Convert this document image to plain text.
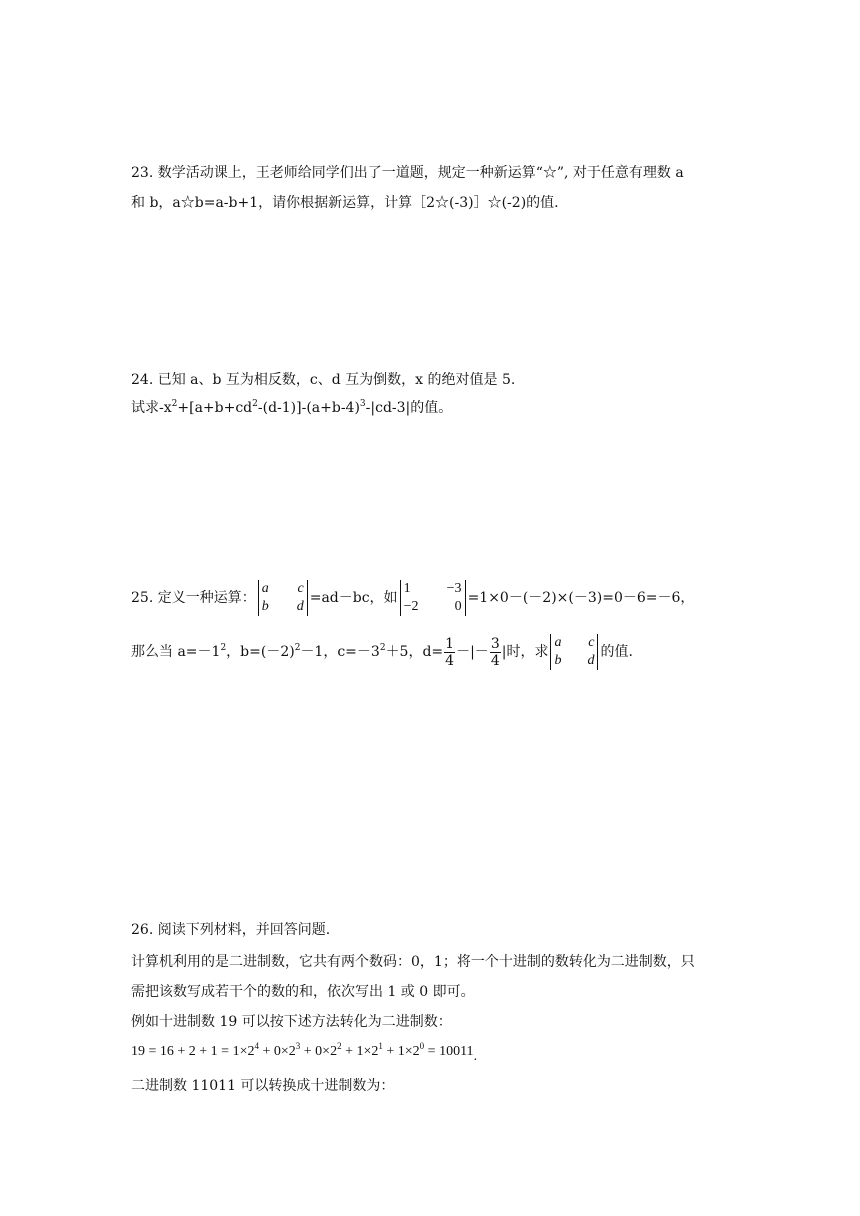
23. 数学活动课上，王老师给同学们出了一道题，规定一种新运算“☆”, 对于任意有理数 a
和 b，a☆b=a-b+1，请你根据新运算，计算［2☆(-3)］☆(-2)的值.
24. 已知 a、b 互为相反数，c、d 互为倒数，x 的绝对值是 5.
试求$-x^2+[a+b+cd^2-(d-1)]-(a+b-4)^3-|cd-3|$的值。
25. 定义一种运算：
a c
b d
=ad－bc，如
1	−3
−2	0
=1×0－(－2)×(－3)=0－6=－6，
那么当 $a=-1^2$，$b=(-2)^2-1$，$c=-3^2+5$，$d= \frac{1}{4}$ －|－ $\frac{3}{4}$ |时，求
a c
b d
的值.
26. 阅读下列材料，并回答问题.
计算机利用的是二进制数，它共有两个数码：0，1；将一个十进制的数转化为二进制数，只
需把该数写成若干个的数的和，依次写出 1 或 0 即可。
例如十进制数 19 可以按下述方法转化为二进制数：
$19 = 16 + 2 + 1 = 1\times 2^4 + 0\times 2^3 + 0\times 2^2 + 1\times 2^1 + 1\times 2^0 = 10011$.
二进制数 11011 可以转换成十进制数为：
